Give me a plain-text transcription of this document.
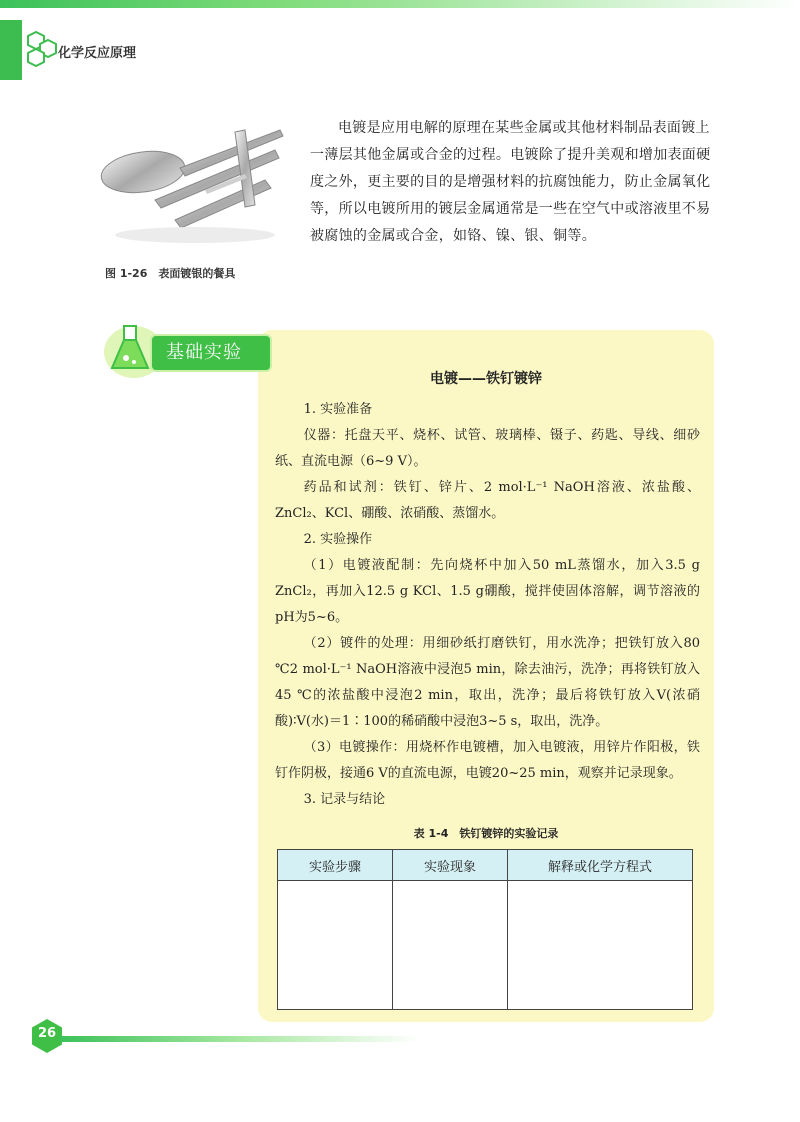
化学反应原理
图 1-26　表面镀银的餐具

电镀是应用电解的原理在某些金属或其他材料制品表面镀上一薄层其他金属或合金的过程。电镀除了提升美观和增加表面硬度之外，更主要的目的是增强材料的抗腐蚀能力，防止金属氧化等，所以电镀所用的镀层金属通常是一些在空气中或溶液里不易被腐蚀的金属或合金，如铬、镍、银、铜等。

基础实验
电镀——铁钉镀锌

1. 实验准备

仪器：托盘天平、烧杯、试管、玻璃棒、镊子、药匙、导线、细砂纸、直流电源（6~9 V）。

药品和试剂：铁钉、锌片、2 mol·L⁻¹ NaOH溶液、浓盐酸、ZnCl₂、KCl、硼酸、浓硝酸、蒸馏水。

2. 实验操作

（1）电镀液配制：先向烧杯中加入50 mL蒸馏水，加入3.5 g ZnCl₂，再加入12.5 g KCl、1.5 g硼酸，搅拌使固体溶解，调节溶液的pH为5~6。

（2）镀件的处理：用细砂纸打磨铁钉，用水洗净；把铁钉放入80 ℃2 mol·L⁻¹ NaOH溶液中浸泡5 min，除去油污，洗净；再将铁钉放入45 ℃的浓盐酸中浸泡2 min，取出，洗净；最后将铁钉放入V(浓硝酸)∶V(水)＝1∶100的稀硝酸中浸泡3~5 s，取出，洗净。

（3）电镀操作：用烧杯作电镀槽，加入电镀液，用锌片作阳极，铁钉作阴极，接通6 V的直流电源，电镀20~25 min，观察并记录现象。

3. 记录与结论

表 1-4　铁钉镀锌的实验记录
实验步骤	实验现象	解释或化学方程式

26
